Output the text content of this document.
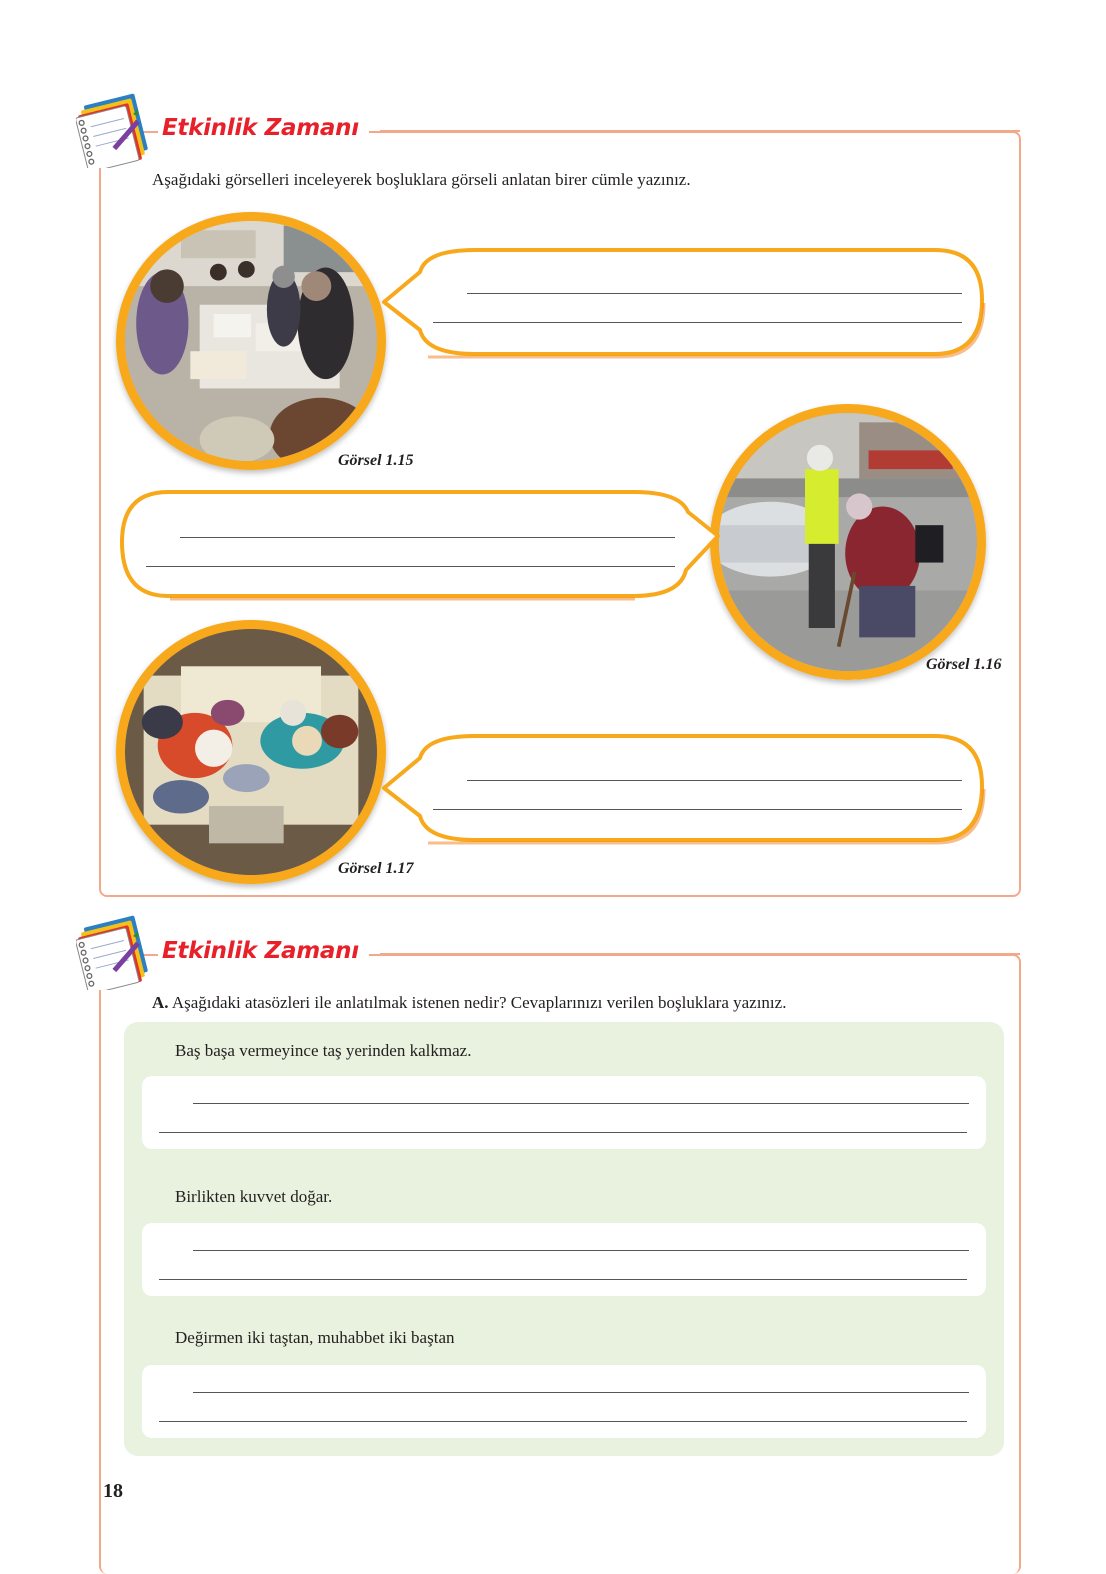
Etkinlik Zamanı
Aşağıdaki görselleri inceleyerek boşluklara görseli anlatan birer cümle yazınız.
Görsel 1.15
Görsel 1.16
Görsel 1.17
Etkinlik Zamanı
A. Aşağıdaki atasözleri ile anlatılmak istenen nedir? Cevaplarınızı verilen boşluklara yazınız.
Baş başa vermeyince taş yerinden kalkmaz.
Birlikten kuvvet doğar.
Değirmen iki taştan, muhabbet iki baştan
18
